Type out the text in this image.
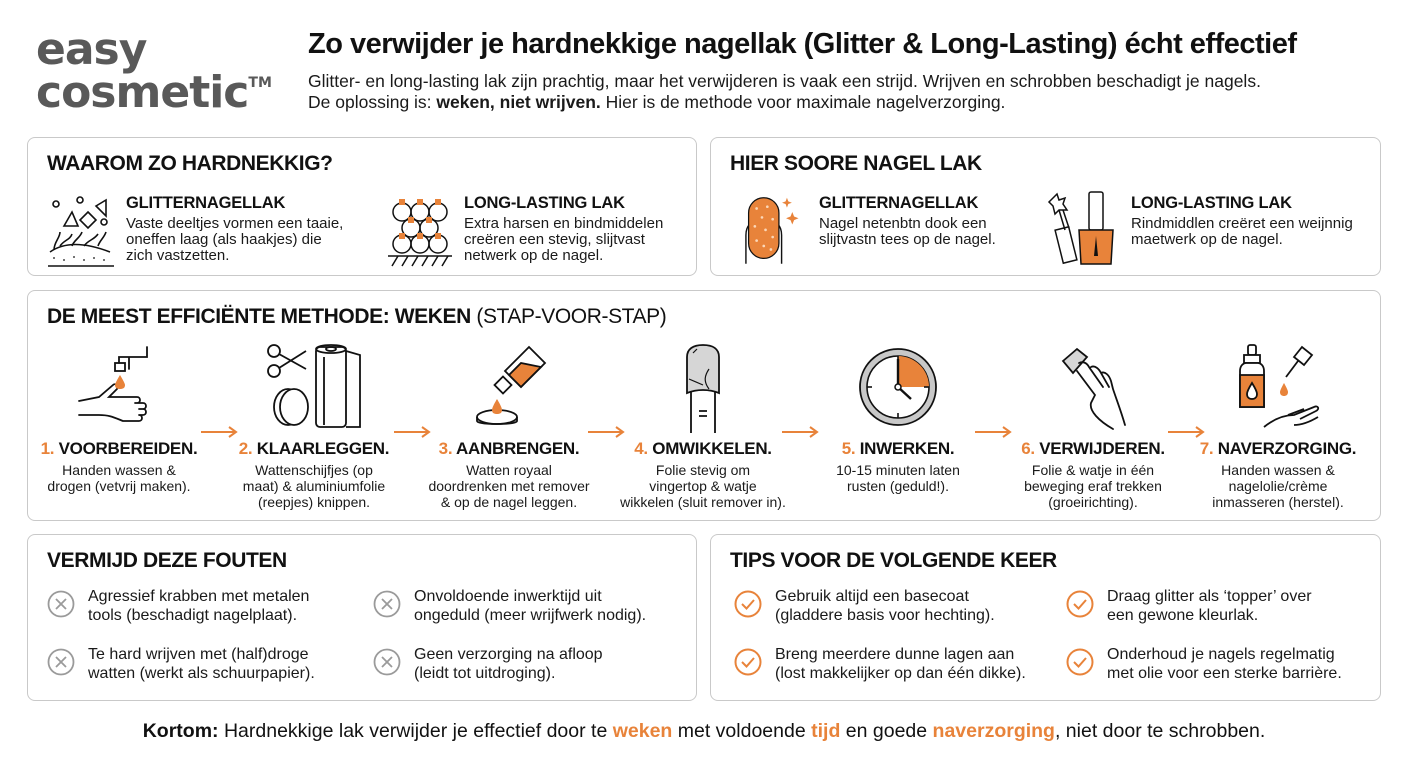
easy
cosmetic™
Zo verwijder je hardnekkige nagellak (Glitter & Long-Lasting) écht effectief
Glitter- en long-lasting lak zijn prachtig, maar het verwijderen is vaak een strijd. Wrijven en schrobben beschadigt je nagels.
De oplossing is: weken, niet wrijven. Hier is de methode voor maximale nagelverzorging.
WAAROM ZO HARDNEKKIG?
GLITTERNAGELLAK
Vaste deeltjes vormen een taaie,
oneffen laag (als haakjes) die
zich vastzetten.
LONG-LASTING LAK
Extra harsen en bindmiddelen
creëren een stevig, slijtvast
netwerk op de nagel.
HIER SOORE NAGEL LAK
GLITTERNAGELLAK
Nagel netenbtn dook een
slijtvastn tees op de nagel.
LONG-LASTING LAK
Rindmiddlen creëret een weijnnig
maetwerk op de nagel.
DE MEEST EFFICIËNTE METHODE: WEKEN (STAP-VOOR-STAP)
1. VOORBEREIDEN.
Handen wassen &
drogen (vetvrij maken).
2. KLAARLEGGEN.
Wattenschijfjes (op
maat) & aluminiumfolie
(reepjes) knippen.
3. AANBRENGEN.
Watten royaal
doordrenken met remover
& op de nagel leggen.
4. OMWIKKELEN.
Folie stevig om
vingertop & watje
wikkelen (sluit remover in).
5. INWERKEN.
10-15 minuten laten
rusten (geduld!).
6. VERWIJDEREN.
Folie & watje in één
beweging eraf trekken
(groeirichting).
7. NAVERZORGING.
Handen wassen &
nagelolie/crème
inmasseren (herstel).
VERMIJD DEZE FOUTEN
Agressief krabben met metalen
tools (beschadigt nagelplaat).
Onvoldoende inwerktijd uit
ongeduld (meer wrijfwerk nodig).
Te hard wrijven met (half)droge
watten (werkt als schuurpapier).
Geen verzorging na afloop
(leidt tot uitdroging).
TIPS VOOR DE VOLGENDE KEER
Gebruik altijd een basecoat
(gladdere basis voor hechting).
Draag glitter als ‘topper’ over
een gewone kleurlak.
Breng meerdere dunne lagen aan
(lost makkelijker op dan één dikke).
Onderhoud je nagels regelmatig
met olie voor een sterke barrière.
Kortom: Hardnekkige lak verwijder je effectief door te weken met voldoende tijd en goede naverzorging, niet door te schrobben.
